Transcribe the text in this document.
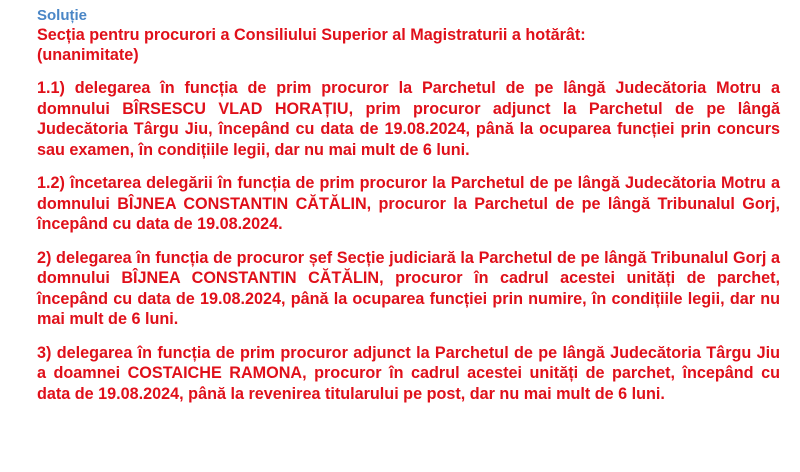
Soluție
Secția pentru procurori a Consiliului Superior al Magistraturii a hotărât:
(unanimitate)

1.1) delegarea în funcția de prim procuror la Parchetul de pe lângă Judecătoria Motru a domnului BÎRSESCU VLAD HORAȚIU, prim procuror adjunct la Parchetul de pe lângă Judecătoria Târgu Jiu, începând cu data de 19.08.2024, până la ocuparea funcției prin concurs sau examen, în condițiile legii, dar nu mai mult de 6 luni.

1.2) încetarea delegării în funcția de prim procuror la Parchetul de pe lângă Judecătoria Motru a domnului BÎJNEA CONSTANTIN CĂTĂLIN, procuror la Parchetul de pe lângă Tribunalul Gorj, începând cu data de 19.08.2024.

2) delegarea în funcția de procuror șef Secție judiciară la Parchetul de pe lângă Tribunalul Gorj a domnului BÎJNEA CONSTANTIN CĂTĂLIN, procuror în cadrul acestei unități de parchet, începând cu data de 19.08.2024, până la ocuparea funcției prin numire, în condițiile legii, dar nu mai mult de 6 luni.

3) delegarea în funcția de prim procuror adjunct la Parchetul de pe lângă Judecătoria Târgu Jiu a doamnei COSTAICHE RAMONA, procuror în cadrul acestei unități de parchet, începând cu data de 19.08.2024, până la revenirea titularului pe post, dar nu mai mult de 6 luni.
